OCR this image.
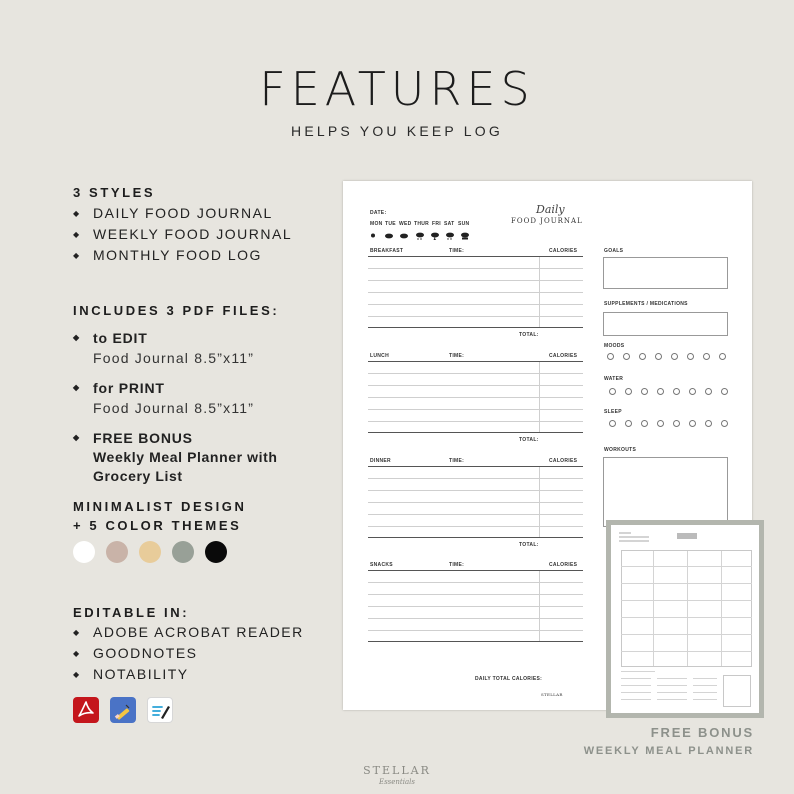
FEATURES
HELPS YOU KEEP LOG
3 STYLES
◆ DAILY FOOD JOURNAL
◆ WEEKLY FOOD JOURNAL
◆ MONTHLY FOOD LOG
INCLUDES 3 PDF FILES:
◆ to EDIT
Food Journal 8.5”x11”
◆ for PRINT
Food Journal 8.5”x11”
◆ FREE BONUS
Weekly Meal Planner with
Grocery List
MINIMALIST DESIGN
+ 5 COLOR THEMES
EDITABLE IN:
◆ ADOBE ACROBAT READER
◆ GOODNOTES
◆ NOTABILITY
DATE:	Daily
FOOD JOURNAL
MON TUE WED THUR FRI SAT SUN
BREAKFAST	TIME:	CALORIES
TOTAL:
LUNCH	TIME:	CALORIES
TOTAL:
DINNER	TIME:	CALORIES
TOTAL:
SNACKS	TIME:	CALORIES
DAILY TOTAL CALORIES:
STELLAR
GOALS
SUPPLEMENTS / MEDICATIONS
MOODS
WATER
SLEEP
WORKOUTS
FREE BONUS
WEEKLY MEAL PLANNER
STELLAR
Essentials
